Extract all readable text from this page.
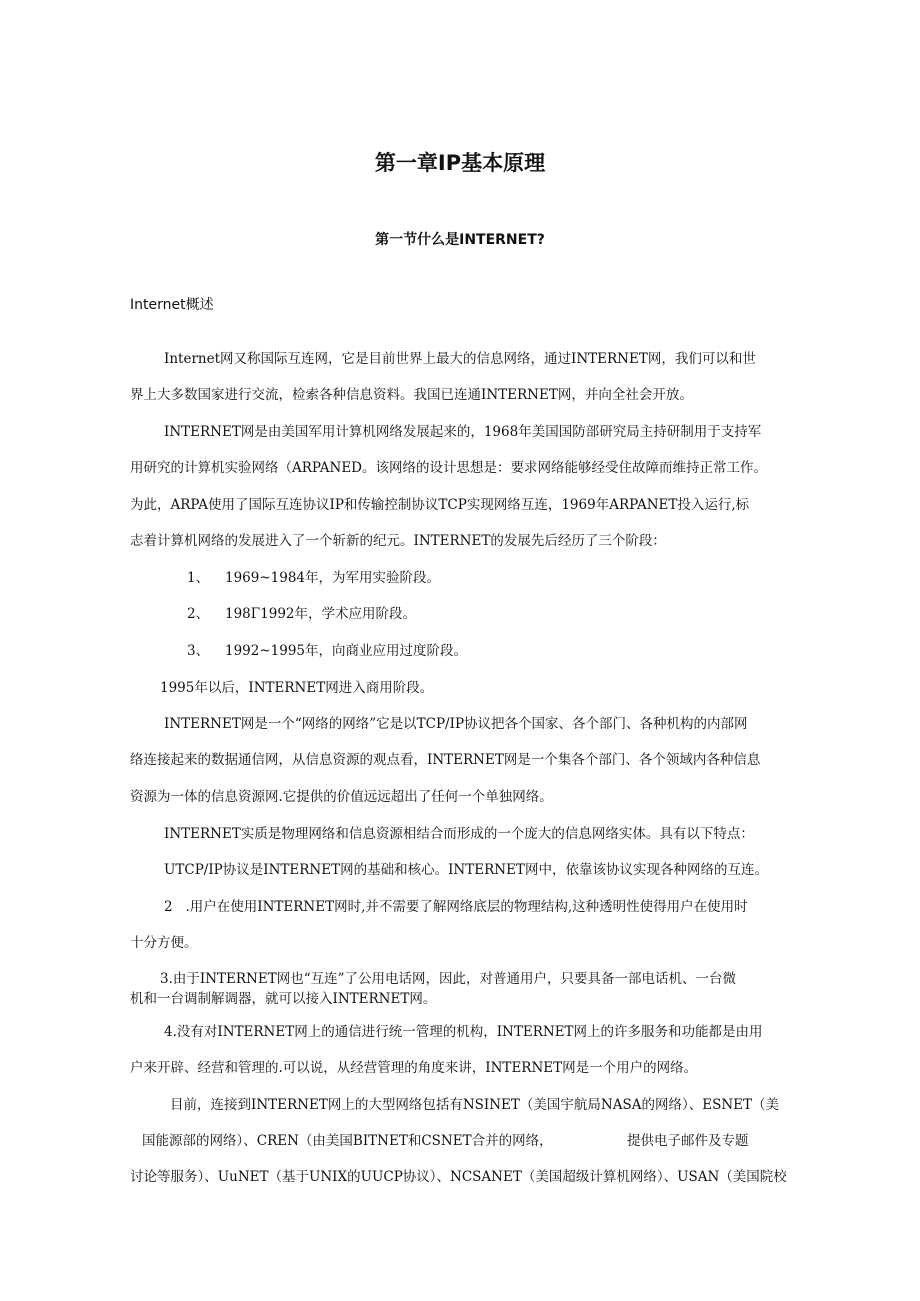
第一章IP基本原理
第一节什么是INTERNET?
Internet概述
Internet网又称国际互连网，它是目前世界上最大的信息网络，通过INTERNET网，我们可以和世
界上大多数国家进行交流，检索各种信息资料。我国已连通INTERNET网，并向全社会开放。
INTERNET网是由美国军用计算机网络发展起来的，1968年美国国防部研究局主持研制用于支持军
用研究的计算机实验网络（ARPANED。该网络的设计思想是：要求网络能够经受住故障而维持正常工作。
为此，ARPA使用了国际互连协议IP和传输控制协议TCP实现网络互连，1969年ARPANET投入运行,标
志着计算机网络的发展进入了一个斩新的纪元。INTERNET的发展先后经历了三个阶段：
1、 1969~1984年，为军用实验阶段。
2、 198Γ1992年，学术应用阶段。
3、 1992~1995年，向商业应用过度阶段。
1995年以后，INTERNET网进入商用阶段。
INTERNET网是一个“网络的网络”它是以TCP/IP协议把各个国家、各个部门、各种机构的内部网
络连接起来的数据通信网，从信息资源的观点看，INTERNET网是一个集各个部门、各个领域内各种信息
资源为一体的信息资源网.它提供的价值远远超出了任何一个单独网络。
INTERNET实质是物理网络和信息资源相结合而形成的一个庞大的信息网络实体。具有以下特点：
UTCP/IP协议是INTERNET网的基础和核心。INTERNET网中，依靠该协议实现各种网络的互连。
2   .用户在使用INTERNET网时,并不需要了解网络底层的物理结构,这种透明性使得用户在使用时
十分方便。
3.由于INTERNET网也“互连”了公用电话网，因此，对普通用户，只要具备一部电话机、一台微
机和一台调制解调器，就可以接入INTERNET网。
4.没有对INTERNET网上的通信进行统一管理的机构，INTERNET网上的许多服务和功能都是由用
户来开辟、经营和管理的.可以说，从经营管理的角度来讲，INTERNET网是一个用户的网络。
目前，连接到INTERNET网上的大型网络包括有NSINET（美国宇航局NASA的网络）、ESNET（美
国能源部的网络）、CREN（由美国BITNET和CSNET合并的网络，	提供电子邮件及专题
讨论等服务）、UuNET（基于UNIX的UUCP协议）、NCSANET（美国超级计算机网络）、USAN（美国院校
